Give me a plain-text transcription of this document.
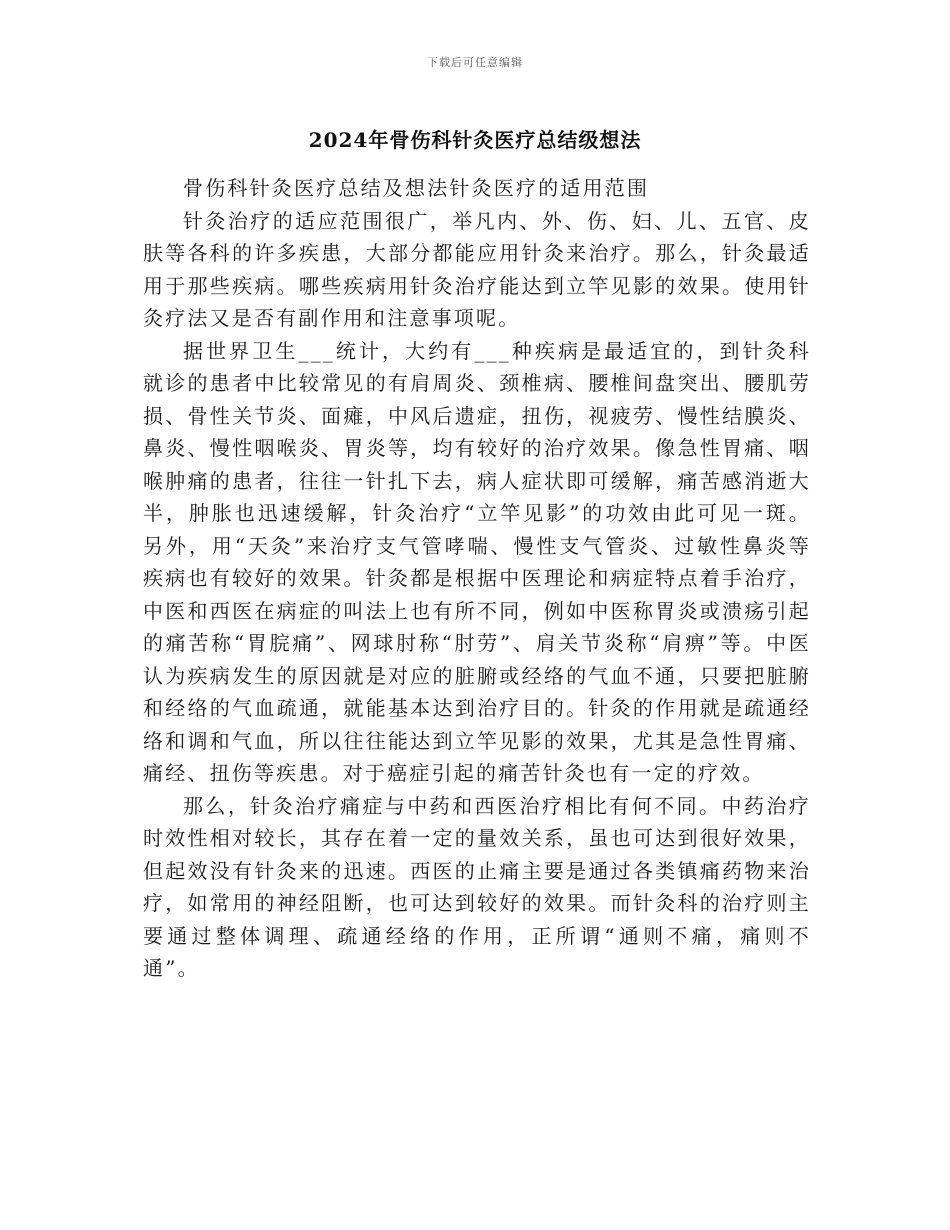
下载后可任意编辑
2024年骨伤科针灸医疗总结级想法

骨伤科针灸医疗总结及想法针灸医疗的适用范围

针灸治疗的适应范围很广，举凡内、外、伤、妇、儿、五官、皮肤等各科的许多疾患，大部分都能应用针灸来治疗。那么，针灸最适用于那些疾病。哪些疾病用针灸治疗能达到立竿见影的效果。使用针灸疗法又是否有副作用和注意事项呢。

据世界卫生___统计，大约有___种疾病是最适宜的，到针灸科就诊的患者中比较常见的有肩周炎、颈椎病、腰椎间盘突出、腰肌劳损、骨性关节炎、面瘫，中风后遗症，扭伤，视疲劳、慢性结膜炎、鼻炎、慢性咽喉炎、胃炎等，均有较好的治疗效果。像急性胃痛、咽喉肿痛的患者，往往一针扎下去，病人症状即可缓解，痛苦感消逝大半，肿胀也迅速缓解，针灸治疗“立竿见影”的功效由此可见一斑。另外，用“天灸”来治疗支气管哮喘、慢性支气管炎、过敏性鼻炎等疾病也有较好的效果。针灸都是根据中医理论和病症特点着手治疗，中医和西医在病症的叫法上也有所不同，例如中医称胃炎或溃疡引起的痛苦称“胃脘痛”、网球肘称“肘劳”、肩关节炎称“肩痹”等。中医认为疾病发生的原因就是对应的脏腑或经络的气血不通，只要把脏腑和经络的气血疏通，就能基本达到治疗目的。针灸的作用就是疏通经络和调和气血，所以往往能达到立竿见影的效果，尤其是急性胃痛、痛经、扭伤等疾患。对于癌症引起的痛苦针灸也有一定的疗效。

那么，针灸治疗痛症与中药和西医治疗相比有何不同。中药治疗时效性相对较长，其存在着一定的量效关系，虽也可达到很好效果，但起效没有针灸来的迅速。西医的止痛主要是通过各类镇痛药物来治疗，如常用的神经阻断，也可达到较好的效果。而针灸科的治疗则主要通过整体调理、疏通经络的作用，正所谓“通则不痛，痛则不通”。
